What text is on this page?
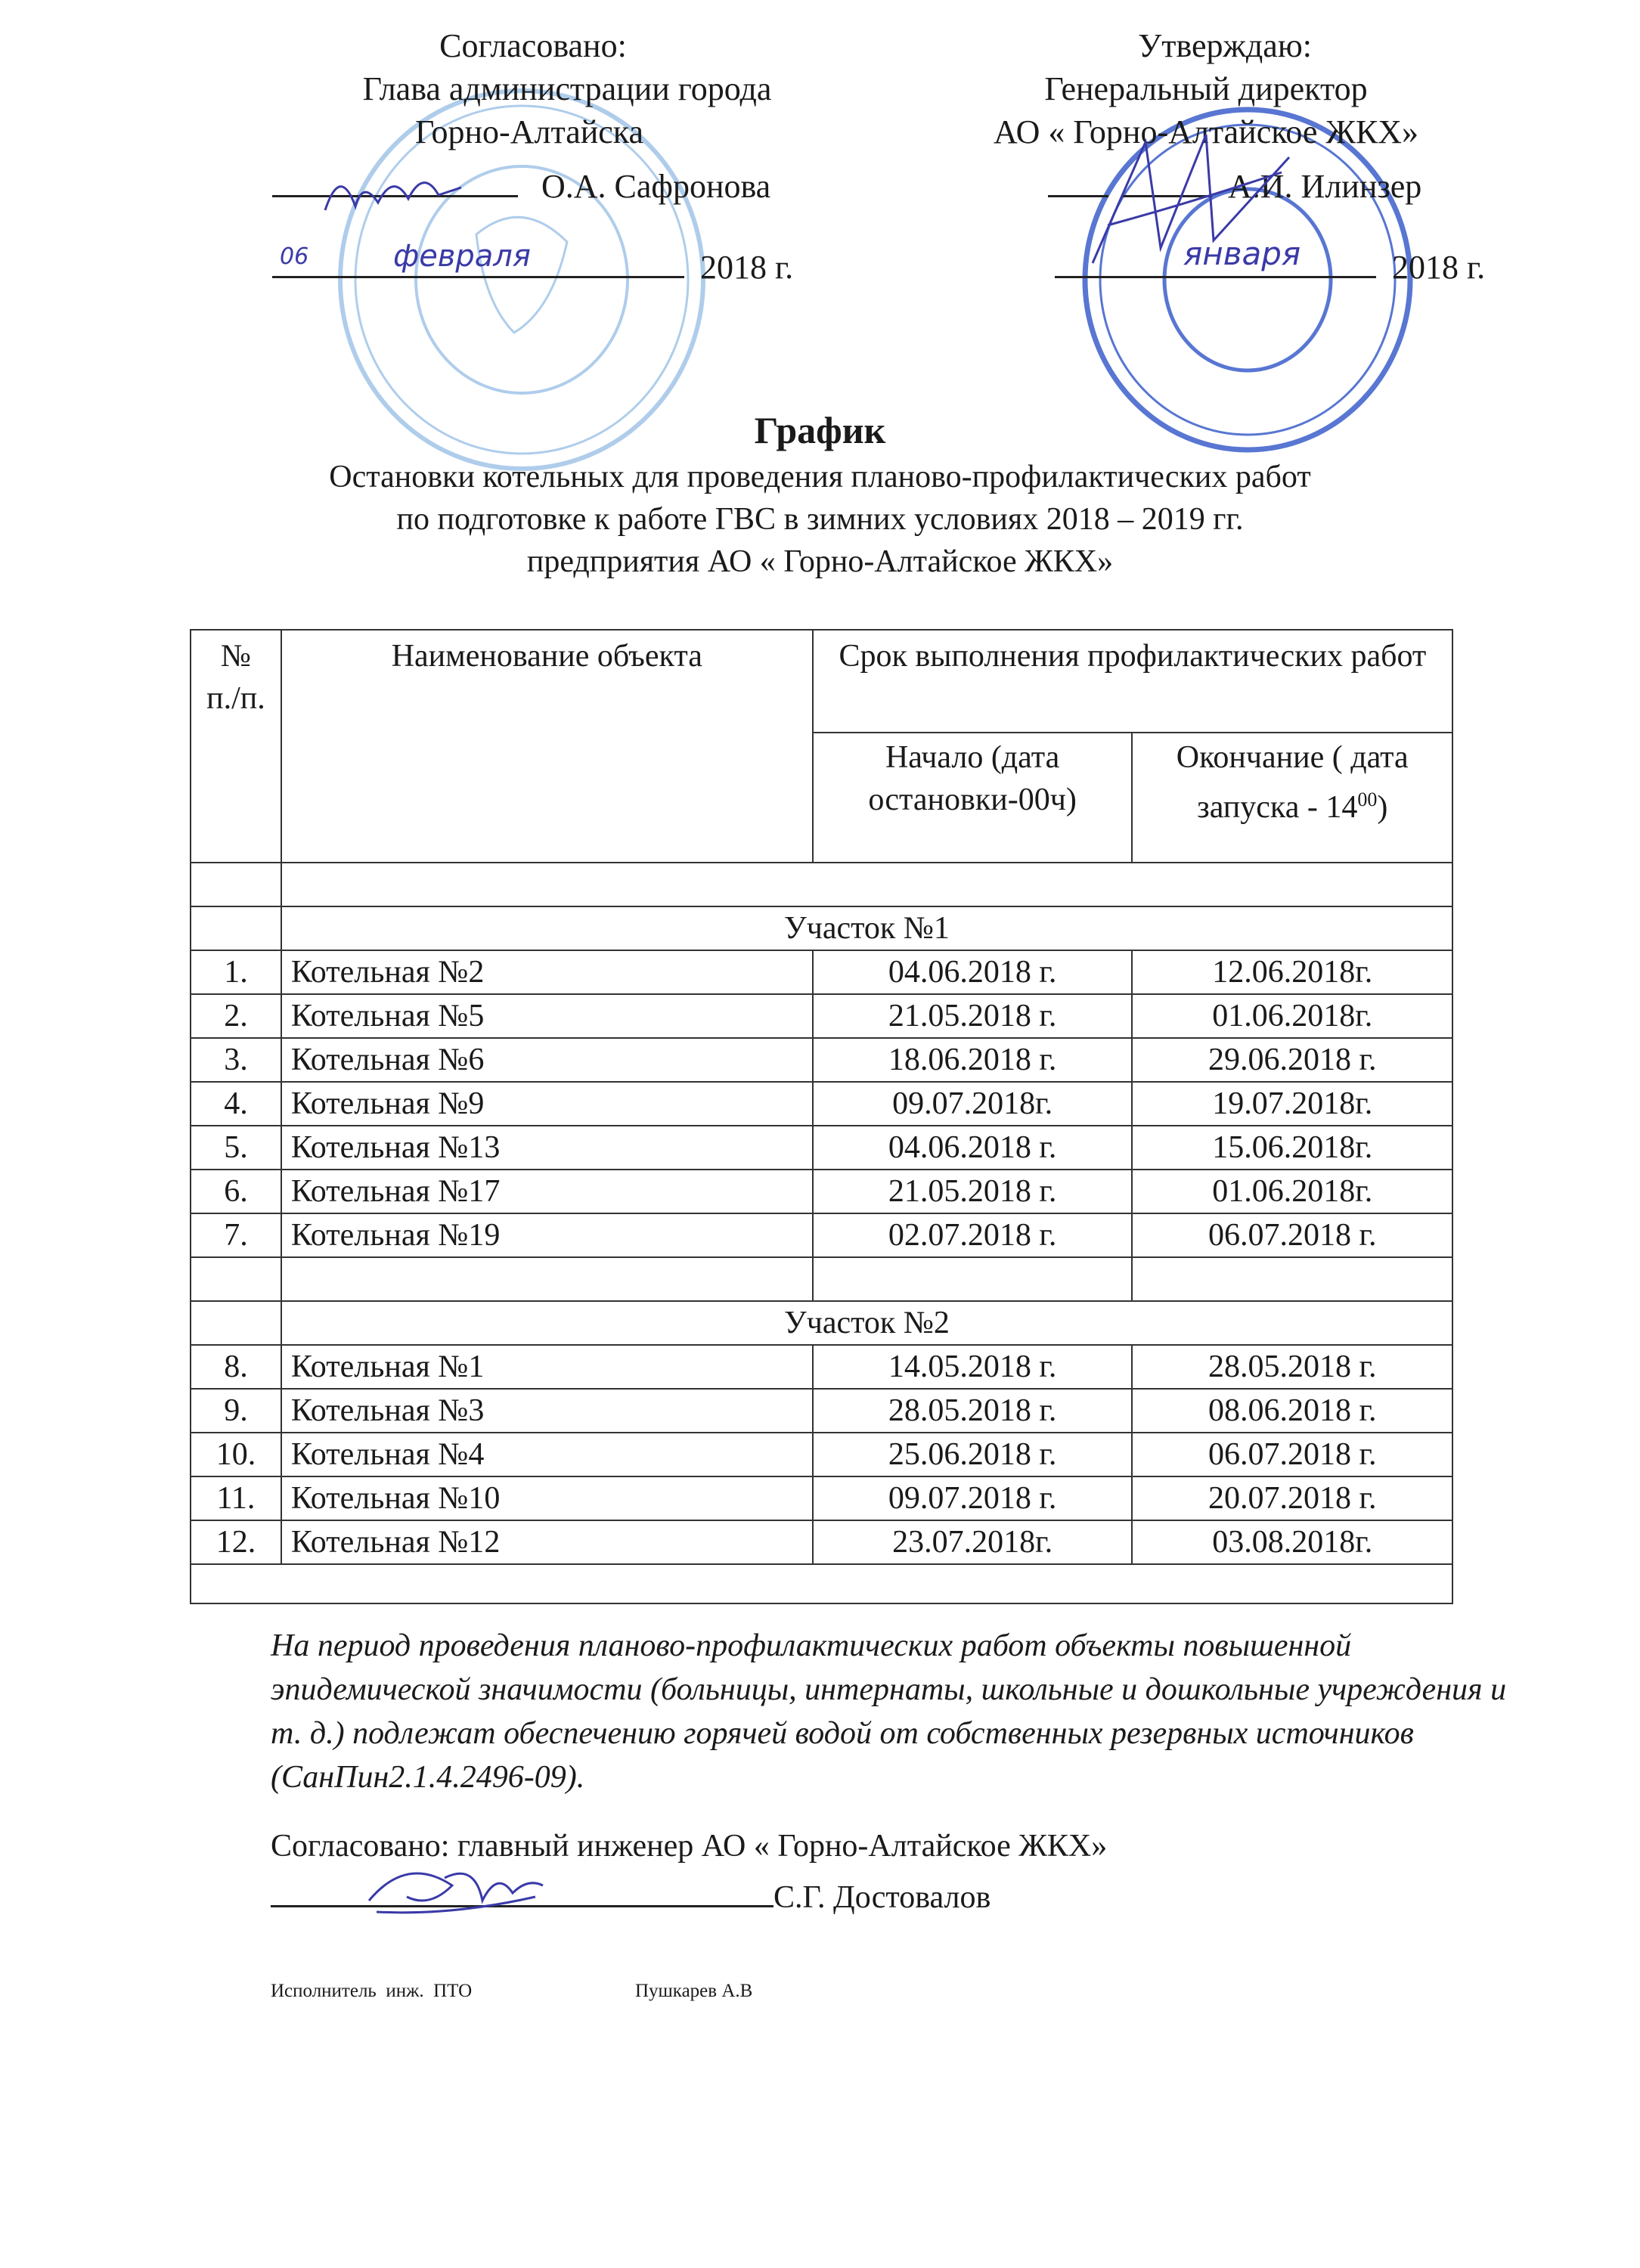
Согласовано:
Глава администрации города
Горно-Алтайска
О.А. Сафронова
06	февраля	2018 г.
Утверждаю:
Генеральный директор
АО « Горно-Алтайское ЖКХ»

А.И. Илинзер
января	2018 г.
График
Остановки котельных для проведения планово-профилактических работ
по подготовке к работе ГВС в зимних условиях 2018 – 2019 гг.
предприятия АО « Горно-Алтайское ЖКХ»
№
п./п.	Наименование объекта	Срок выполнения профилактических работ	
		Начало (дата остановки-00ч)	Окончание ( дата запуска - $14^{00}$)

	Участок №1		
1.	Котельная №2	04.06.2018 г.	12.06.2018г.
2.	Котельная №5	21.05.2018 г.	01.06.2018г.
3.	Котельная №6	18.06.2018 г.	29.06.2018 г.
4.	Котельная №9	09.07.2018г.	19.07.2018г.
5.	Котельная №13	04.06.2018 г.	15.06.2018г.
6.	Котельная №17	21.05.2018 г.	01.06.2018г.
7.	Котельная №19	02.07.2018 г.	06.07.2018 г.

	Участок №2		
8.	Котельная №1	14.05.2018 г.	28.05.2018 г.
9.	Котельная №3	28.05.2018 г.	08.06.2018 г.
10.	Котельная №4	25.06.2018 г.	06.07.2018 г.
11.	Котельная №10	09.07.2018 г.	20.07.2018 г.
12.	Котельная №12	23.07.2018г.	03.08.2018г.

На период проведения планово-профилактических работ объекты повышенной эпидемической значимости (больницы, интернаты, школьные и дошкольные учреждения и т. д.) подлежат обеспечению горячей водой от собственных резервных источников (СанПин2.1.4.2496-09).
Согласовано: главный инженер АО « Горно-Алтайское ЖКХ»
С.Г. Достовалов
Исполнитель  инж.  ПТО	Пушкарев А.В
